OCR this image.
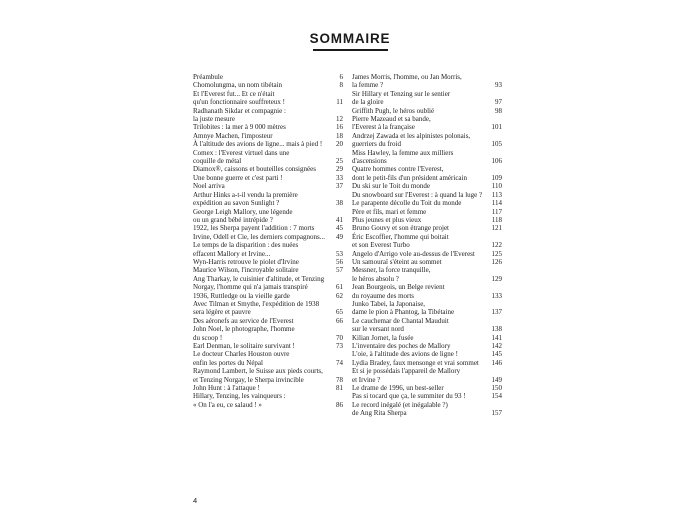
SOMMAIRE
Préambule	6
Chomolungma, un nom tibétain	8
Et l'Everest fut... Et ce n'était
qu'un fonctionnaire souffreteux !	11
Radhanath Sikdar et compagnie :
la juste mesure	12
Trilobites : la mer à 9 000 mètres	16
Amnye Machen, l'imposteur	18
À l'altitude des avions de ligne... mais à pied !	20
Comex : l'Everest virtuel dans une
coquille de métal	25
Diamox®, caissons et bouteilles consignées	29
Une bonne guerre et c'est parti !	33
Noel arriva	37
Arthur Hinks a-t-il vendu la première
expédition au savon Sunlight ?	38
George Leigh Mallory, une légende
ou un grand bébé intrépide ?	41
1922, les Sherpa payent l'addition : 7 morts	45
Irvine, Odell et Cie, les derniers compagnons...	49
Le temps de la disparition : des nuées
effacent Mallory et Irvine...	53
Wyn-Harris retrouve le piolet d'Irvine	56
Maurice Wilson, l'incroyable solitaire	57
Ang Tharkay, le cuisinier d'altitude, et Tenzing
Norgay, l'homme qui n'a jamais transpiré	61
1936, Ruttledge ou la vieille garde	62
Avec Tilman et Smythe, l'expédition de 1938
sera légère et pauvre	65
Des aéronefs au service de l'Everest	66
John Noel, le photographe, l'homme
du scoop !	70
Earl Denman, le solitaire survivant !	73
Le docteur Charles Houston ouvre
enfin les portes du Népal	74
Raymond Lambert, le Suisse aux pieds courts,
et Tenzing Norgay, le Sherpa invincible	78
John Hunt : à l'attaque !	81
Hillary, Tenzing, les vainqueurs :
« On l'a eu, ce salaud ! »	86
James Morris, l'homme, ou Jan Morris,
la femme ?	93
Sir Hillary et Tenzing sur le sentier
de la gloire	97
Griffith Pugh, le héros oublié	98
Pierre Mazeaud et sa bande,
l'Everest à la française	101
Andrzej Zawada et les alpinistes polonais,
guerriers du froid	105
Miss Hawley, la femme aux milliers
d'ascensions	106
Quatre hommes contre l'Everest,
dont le petit-fils d'un président américain	109
Du ski sur le Toit du monde	110
Du snowboard sur l'Everest : à quand la luge ?	113
Le parapente décolle du Toit du monde	114
Père et fils, mari et femme	117
Plus jeunes et plus vieux	118
Bruno Gouvy et son étrange projet	121
Éric Escoffier, l'homme qui boitait
et son Everest Turbo	122
Angelo d'Arrigo vole au-dessus de l'Everest	125
Un samouraï s'éteint au sommet	126
Messner, la force tranquille,
le héros absolu ?	129
Jean Bourgeois, un Belge revient
du royaume des morts	133
Junko Tabei, la Japonaise,
dame le pion à Phantog, la Tibétaine	137
Le cauchemar de Chantal Mauduit
sur le versant nord	138
Kilian Jornet, la fusée	141
L'inventaire des poches de Mallory	142
L'oie, à l'altitude des avions de ligne !	145
Lydia Bradey, faux mensonge et vrai sommet	146
Et si je possédais l'appareil de Mallory
et Irvine ?	149
Le drame de 1996, un best-seller	150
Pas si tocard que ça, le summiter du 93 !	154
Le record inégalé (et inégalable ?)
de Ang Rita Sherpa	157
4
